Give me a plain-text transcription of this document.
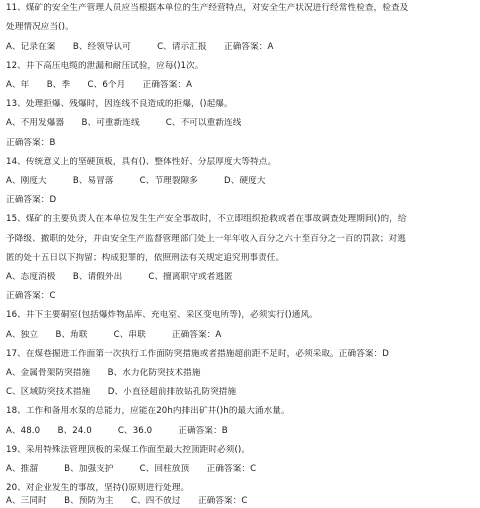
11、煤矿的安全生产管理人员应当根据本单位的生产经营特点，对安全生产状况进行经常性检查，检查及
处理情况应当()。
A、记录在案　　B、经领导认可　　　C、请示汇报　　正确答案：A
12、井下高压电缆的泄漏和耐压试验，应每()1次。
A、年　　B、季　　C、6个月　　正确答案：A
13、处理拒爆、残爆时，因连线不良造成的拒爆，()起爆。
A、不用发爆器　　B、可重新连线　　　C、不可以重新连线
正确答案：B
14、传统意义上的坚硬顶板，具有()、整体性好、分层厚度大等特点。
A、刚度大　　　B、易冒落　　　C、节理裂隙多　　　D、硬度大
正确答案：D
15、煤矿的主要负责人在本单位发生生产安全事故时，不立即组织抢救或者在事故调查处理期间()的，给
予降级、撤职的处分，并由安全生产监督管理部门处上一年年收入百分之六十至百分之一百的罚款；对逃
匿的处十五日以下拘留；构成犯罪的，依照刑法有关规定追究刑事责任。
A、态度消极　　B、请假外出　　　C、擅离职守或者逃匿
正确答案：C
16、井下主要硐室(包括爆炸物品库、充电室、采区变电所等)，必须实行()通风。
A、独立　　B、角联　　　C、串联　　　正确答案：A
17、在煤巷掘进工作面第一次执行工作面防突措施或者措施超前距不足时，必须采取。正确答案：D
A、金属骨架防突措施　　B、水力化防突技术措施
C、区域防突技术措施　　D、小直径超前排放钻孔防突措施
18、工作和备用水泵的总能力，应能在20h内排出矿井()h的最大涌水量。
A、48.0　　B、24.0　　　C、36.0　　　正确答案：B
19、采用特殊法管理顶板的采煤工作面至最大控顶距时必须()。
A、推溜　　　B、加强支护　　　C、回柱放顶　　正确答案：C
20、对企业发生的事故，坚持()原则进行处理。
A、三同时　　B、预防为主　　C、四不放过　　正确答案：C
